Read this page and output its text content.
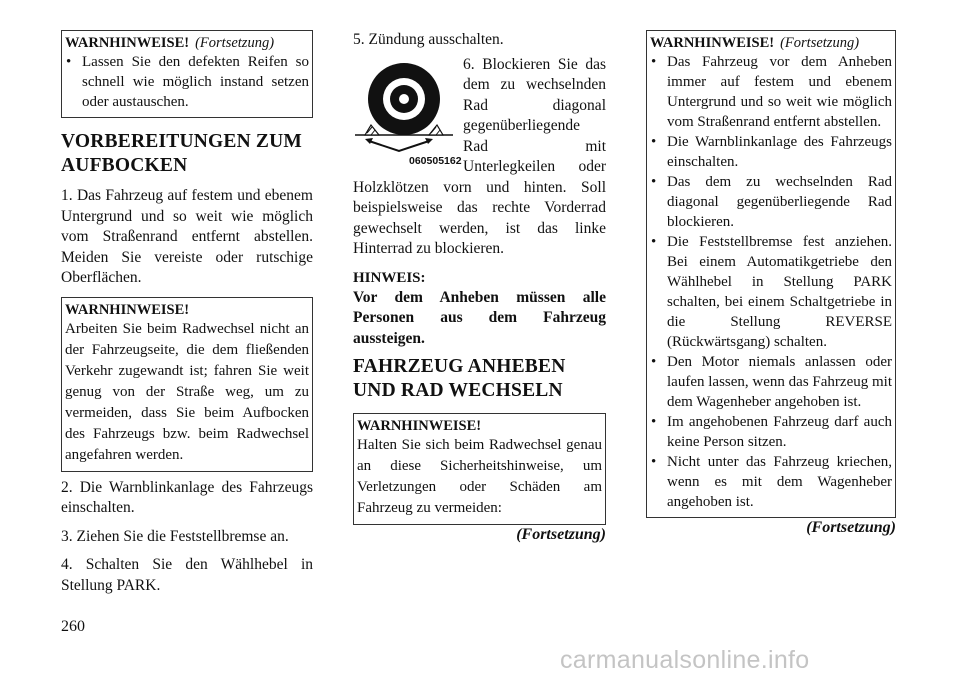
WARNHINWEISE! (Fortsetzung)
• Lassen Sie den defekten Reifen so schnell wie möglich instand setzen oder austauschen.
VORBEREITUNGEN ZUM AUFBOCKEN

1. Das Fahrzeug auf festem und ebenem Untergrund und so weit wie möglich vom Straßenrand entfernt abstellen. Meiden Sie vereiste oder rutschige Oberflächen.

WARNHINWEISE!
Arbeiten Sie beim Radwechsel nicht an der Fahrzeugseite, die dem fließenden Verkehr zugewandt ist; fahren Sie weit genug von der Straße weg, um zu vermeiden, dass Sie beim Aufbocken des Fahrzeugs bzw. beim Radwechsel angefahren werden.

2. Die Warnblinkanlage des Fahrzeugs einschalten.

3. Ziehen Sie die Feststellbremse an.

4. Schalten Sie den Wählhebel in Stellung PARK.

5. Zündung ausschalten.

060505162

6. Blockieren Sie das dem zu wechselnden Rad diagonal gegenüberliegende Rad mit Unterlegkeilen oder Holzklötzen vorn und hinten. Soll beispielsweise das rechte Vorderrad gewechselt werden, ist das linke Hinterrad zu blockieren.

HINWEIS:
Vor dem Anheben müssen alle Personen aus dem Fahrzeug aussteigen.
FAHRZEUG ANHEBEN UND RAD WECHSELN
WARNHINWEISE!
Halten Sie sich beim Radwechsel genau an diese Sicherheitshinweise, um Verletzungen oder Schäden am Fahrzeug zu vermeiden:
(Fortsetzung)
WARNHINWEISE! (Fortsetzung)
• Das Fahrzeug vor dem Anheben immer auf festem und ebenem Untergrund und so weit wie möglich vom Straßenrand entfernt abstellen.
• Die Warnblinkanlage des Fahrzeugs einschalten.
• Das dem zu wechselnden Rad diagonal gegenüberliegende Rad blockieren.
• Die Feststellbremse fest anziehen. Bei einem Automatikgetriebe den Wählhebel in Stellung PARK schalten, bei einem Schaltgetriebe in die Stellung REVERSE (Rückwärtsgang) schalten.
• Den Motor niemals anlassen oder laufen lassen, wenn das Fahrzeug mit dem Wagenheber angehoben ist.
• Im angehobenen Fahrzeug darf auch keine Person sitzen.
• Nicht unter das Fahrzeug kriechen, wenn es mit dem Wagenheber angehoben ist.
(Fortsetzung)
260
carmanualsonline.info
